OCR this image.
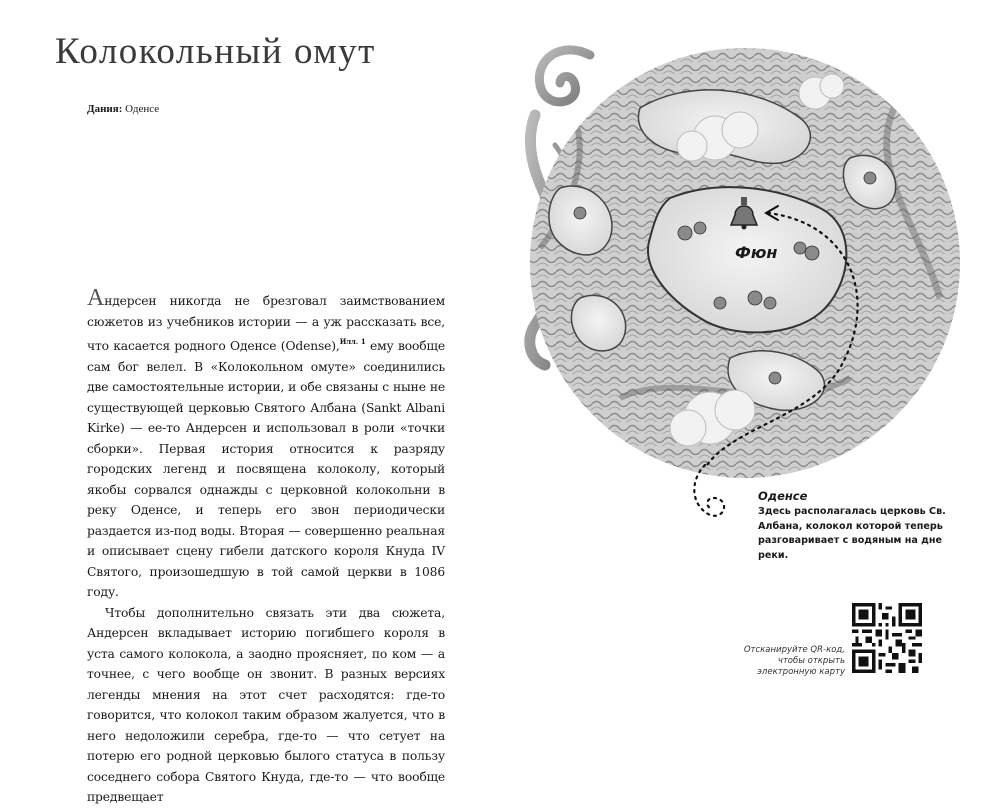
Колокольный омут
Дания: Оденсе

Андерсен никогда не брезговал заимствованием сюжетов из учебников истории — а уж рассказать все, что касается родного Оденсе (Odense),$^{Илл. 1}$ ему вообще сам бог велел. В «Колокольном омуте» соединились две самостоятельные истории, и обе связаны с ныне не существующей церковью Святого Албана (Sankt Albani Kirke) — ее-то Андерсен и использовал в роли «точки сборки». Первая история относится к разряду городских легенд и посвящена колоколу, который якобы сорвался однажды с церковной колокольни в реку Оденсе, и теперь его звон периодически раздается из-под воды. Вторая — совершенно реальная и описывает сцену гибели датского короля Кнуда IV Святого, произошедшую в той самой церкви в 1086 году.

Чтобы дополнительно связать эти два сюжета, Андерсен вкладывает историю погибшего короля в уста самого колокола, а заодно проясняет, по ком — а точнее, с чего вообще он звонит. В разных версиях легенды мнения на этот счет расходятся: где-то говорится, что колокол таким образом жалуется, что в него недоложили серебра, где-то — что сетует на потерю его родной церковью былого статуса в пользу соседнего собора Святого Кнуда, где-то — что вообще предвещает

Фюн
Оденсе
Здесь располагалась церковь Св. Албана, колокол которой теперь разговаривает с водяным на дне реки.
Отсканируйте QR-код, чтобы открыть электронную карту
